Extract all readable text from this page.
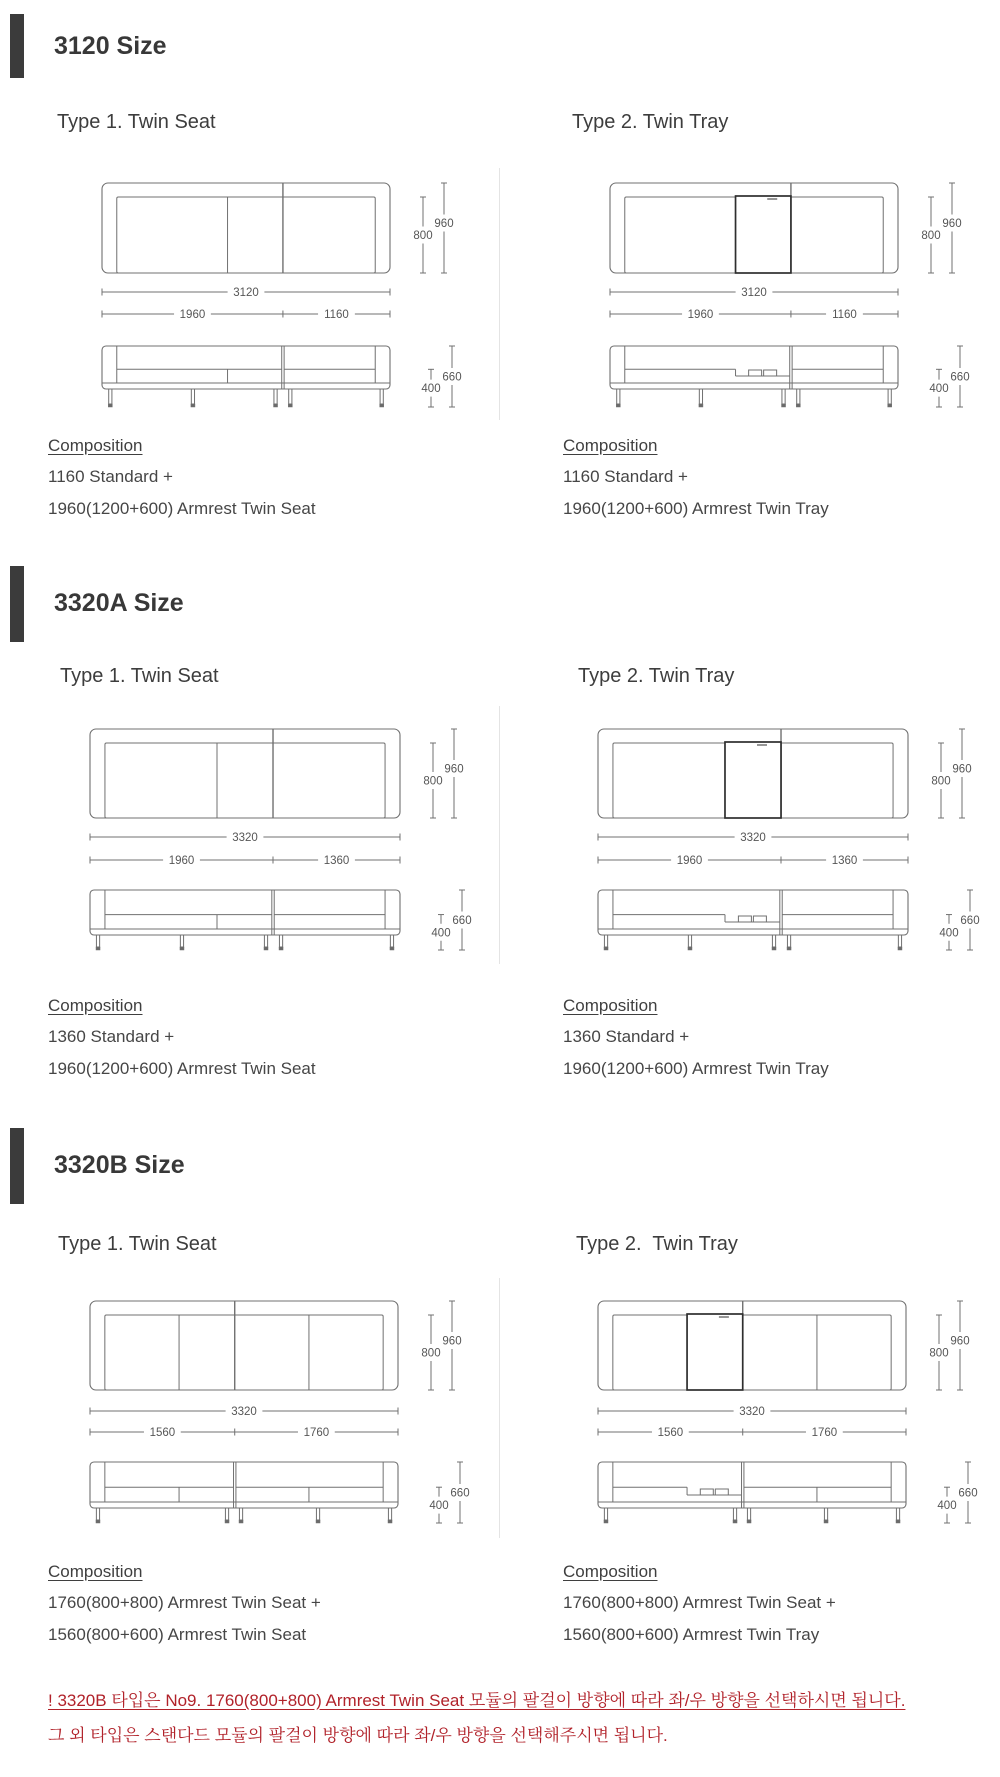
3120 Size
Type 1. Twin Seat	Type 2. Twin Tray
800
960
3120
1960	1160
400
660
800
960
3120
1960	1160
400
660

Composition

1160 Standard +

1960(1200+600) Armrest Twin Seat

Composition

1160 Standard +

1960(1200+600) Armrest Twin Tray

3320A Size
Type 1. Twin Seat	Type 2. Twin Tray
800
960
3320
1960	1360
400
660
800
960
3320
1960	1360
400
660

Composition

1360 Standard +

1960(1200+600) Armrest Twin Seat

Composition

1360 Standard +

1960(1200+600) Armrest Twin Tray

3320B Size
Type 1. Twin Seat	Type 2.  Twin Tray
800
960
3320
1560	1760
400
660
800
960
3320
1560	1760
400
660

Composition

1760(800+800) Armrest Twin Seat +

1560(800+600) Armrest Twin Seat

Composition

1760(800+800) Armrest Twin Seat +

1560(800+600) Armrest Twin Tray

! 3320B 타입은 No9. 1760(800+800) Armrest Twin Seat 모듈의 팔걸이 방향에 따라 좌/우 방향을 선택하시면 됩니다.

그 외 타입은 스탠다드 모듈의 팔걸이 방향에 따라 좌/우 방향을 선택해주시면 됩니다.
